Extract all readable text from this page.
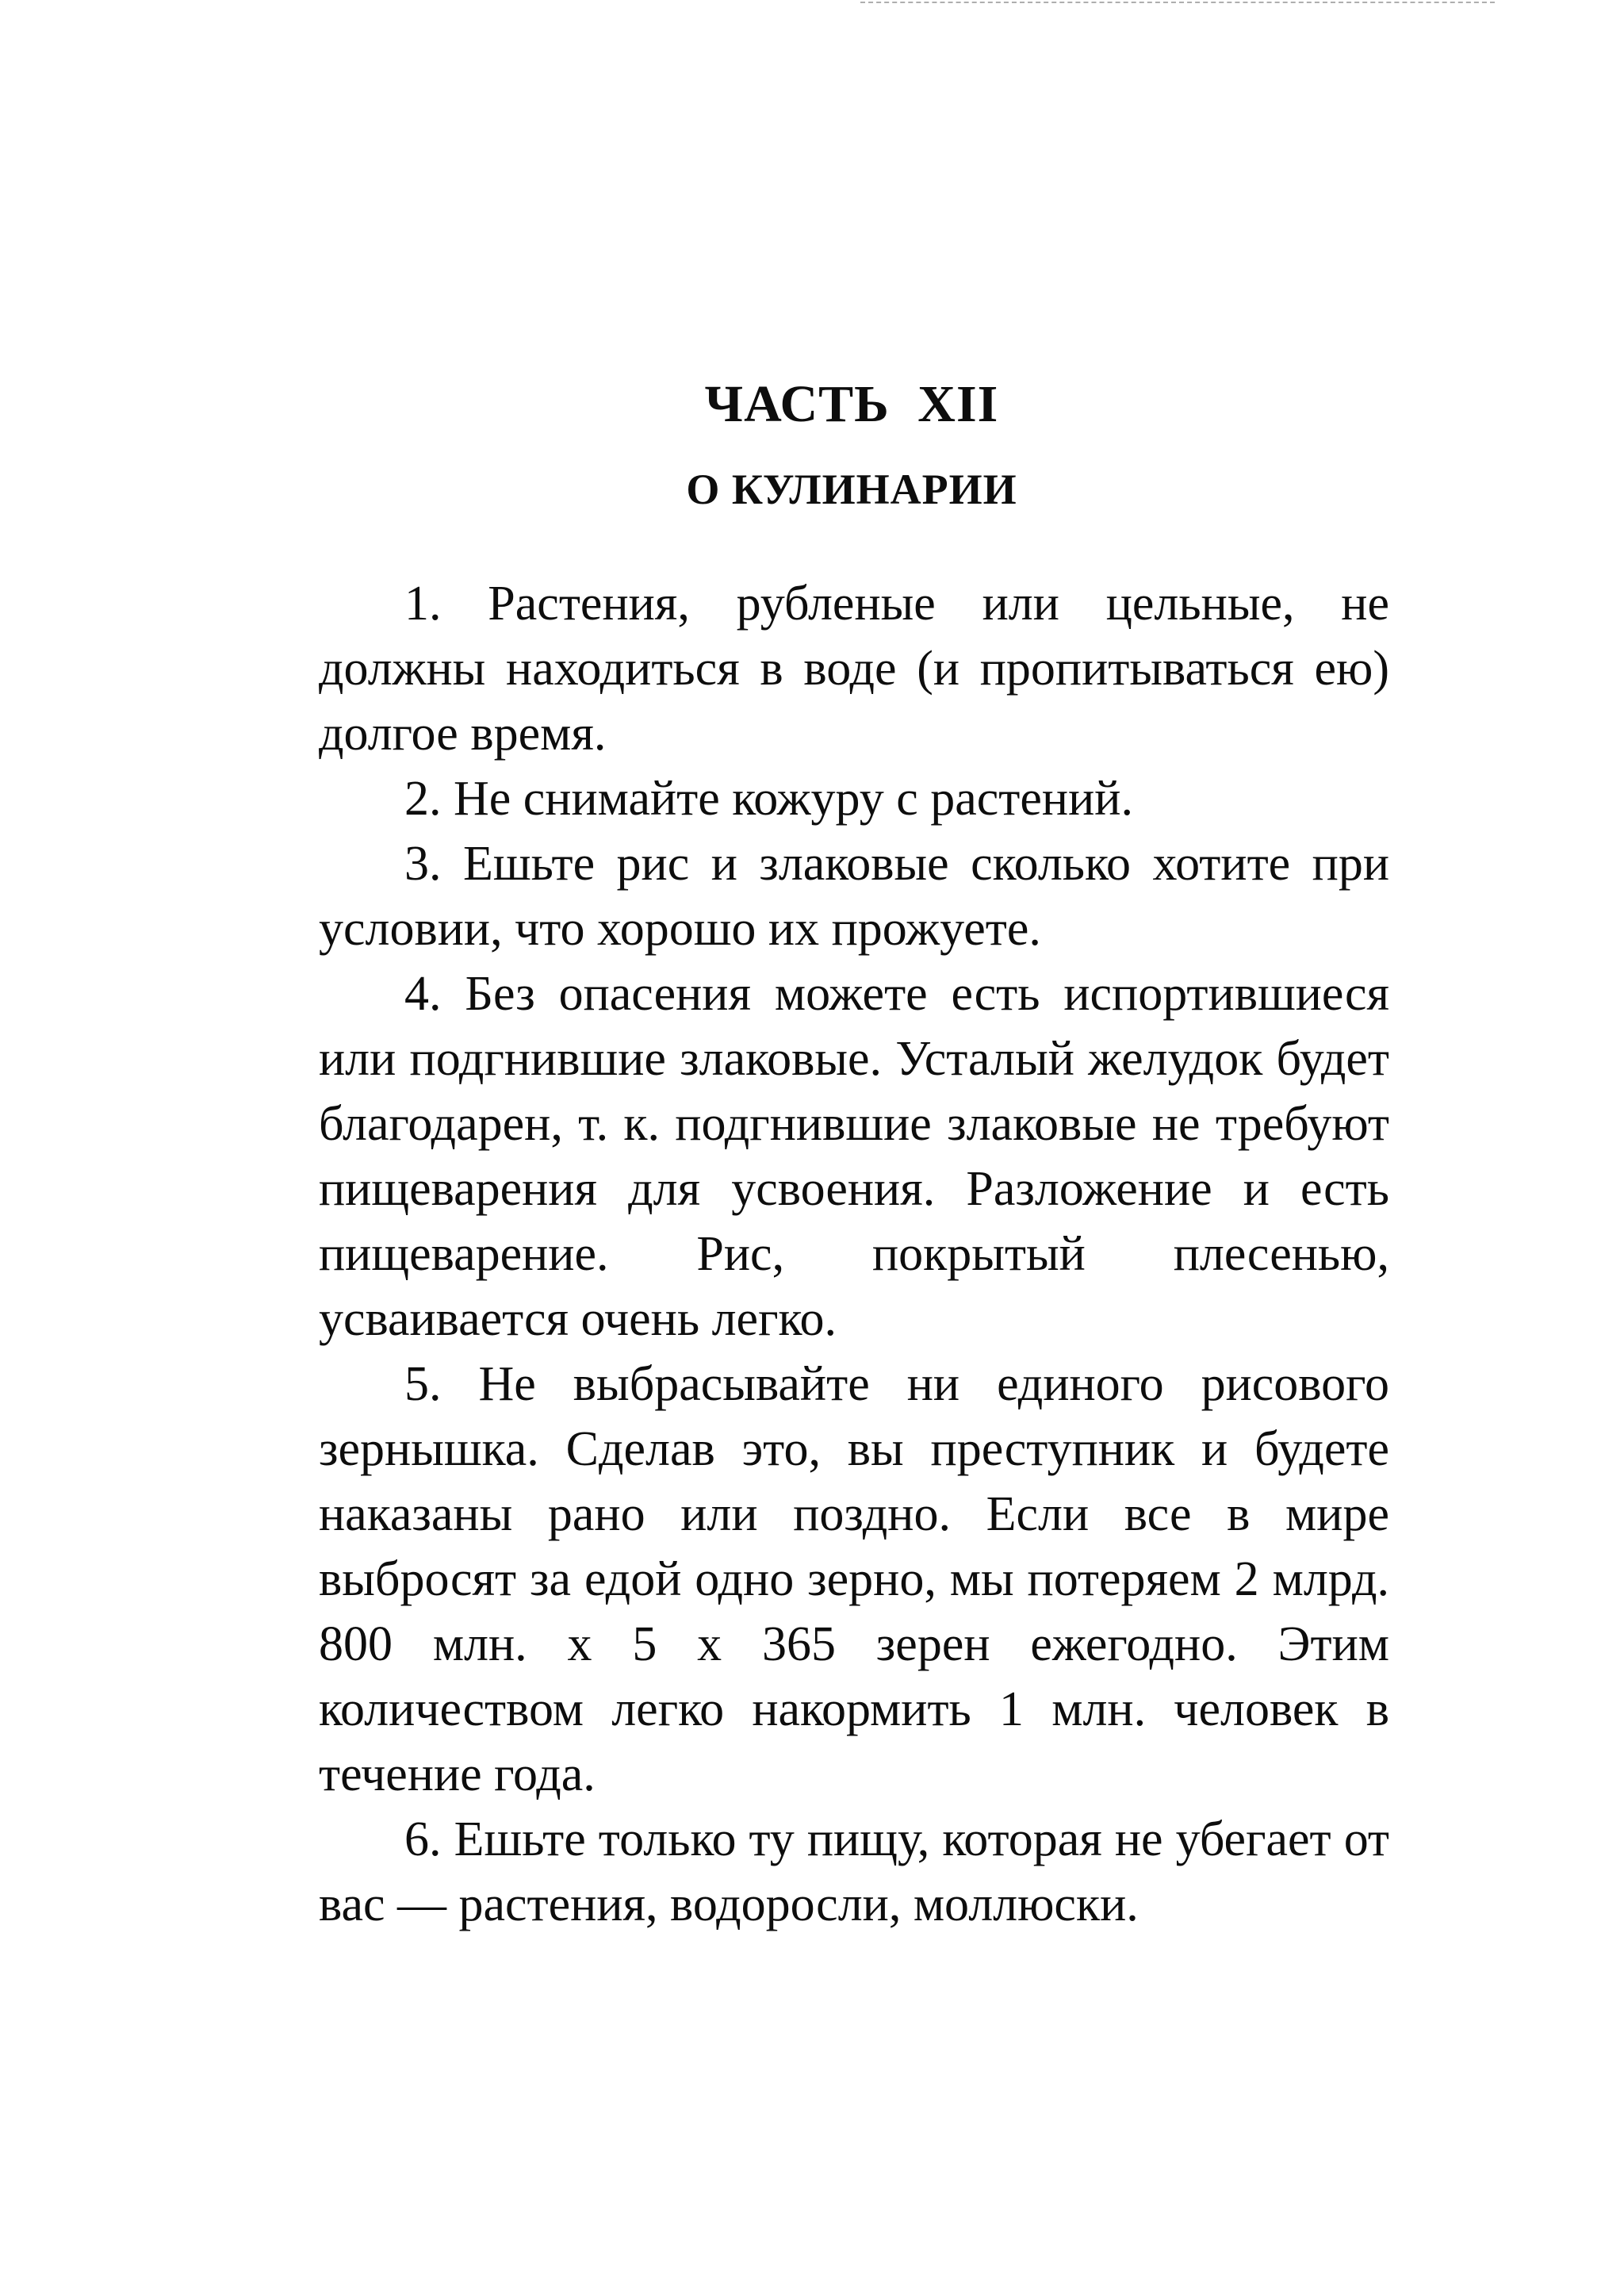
ЧАСТЬ XII
О КУЛИНАРИИ

1. Растения, рубленые или цельные, не должны находиться в воде (и пропитываться ею) долгое время.

2. Не снимайте кожуру с растений.

3. Ешьте рис и злаковые сколько хотите при условии, что хорошо их прожуете.

4. Без опасения можете есть испортившиеся или подгнившие злаковые. Усталый желудок будет благодарен, т. к. подгнившие злаковые не требуют пищеварения для усвоения. Разложение и есть пищеварение. Рис, покрытый плесенью, усваивается очень легко.

5. Не выбрасывайте ни единого рисового зернышка. Сделав это, вы преступник и будете наказаны рано или поздно. Если все в мире выбросят за едой одно зерно, мы потеряем 2 млрд. 800 млн. х 5 х 365 зерен ежегодно. Этим количеством легко накормить 1 млн. человек в течение года.

6. Ешьте только ту пищу, которая не убегает от вас — растения, водоросли, моллюски.
